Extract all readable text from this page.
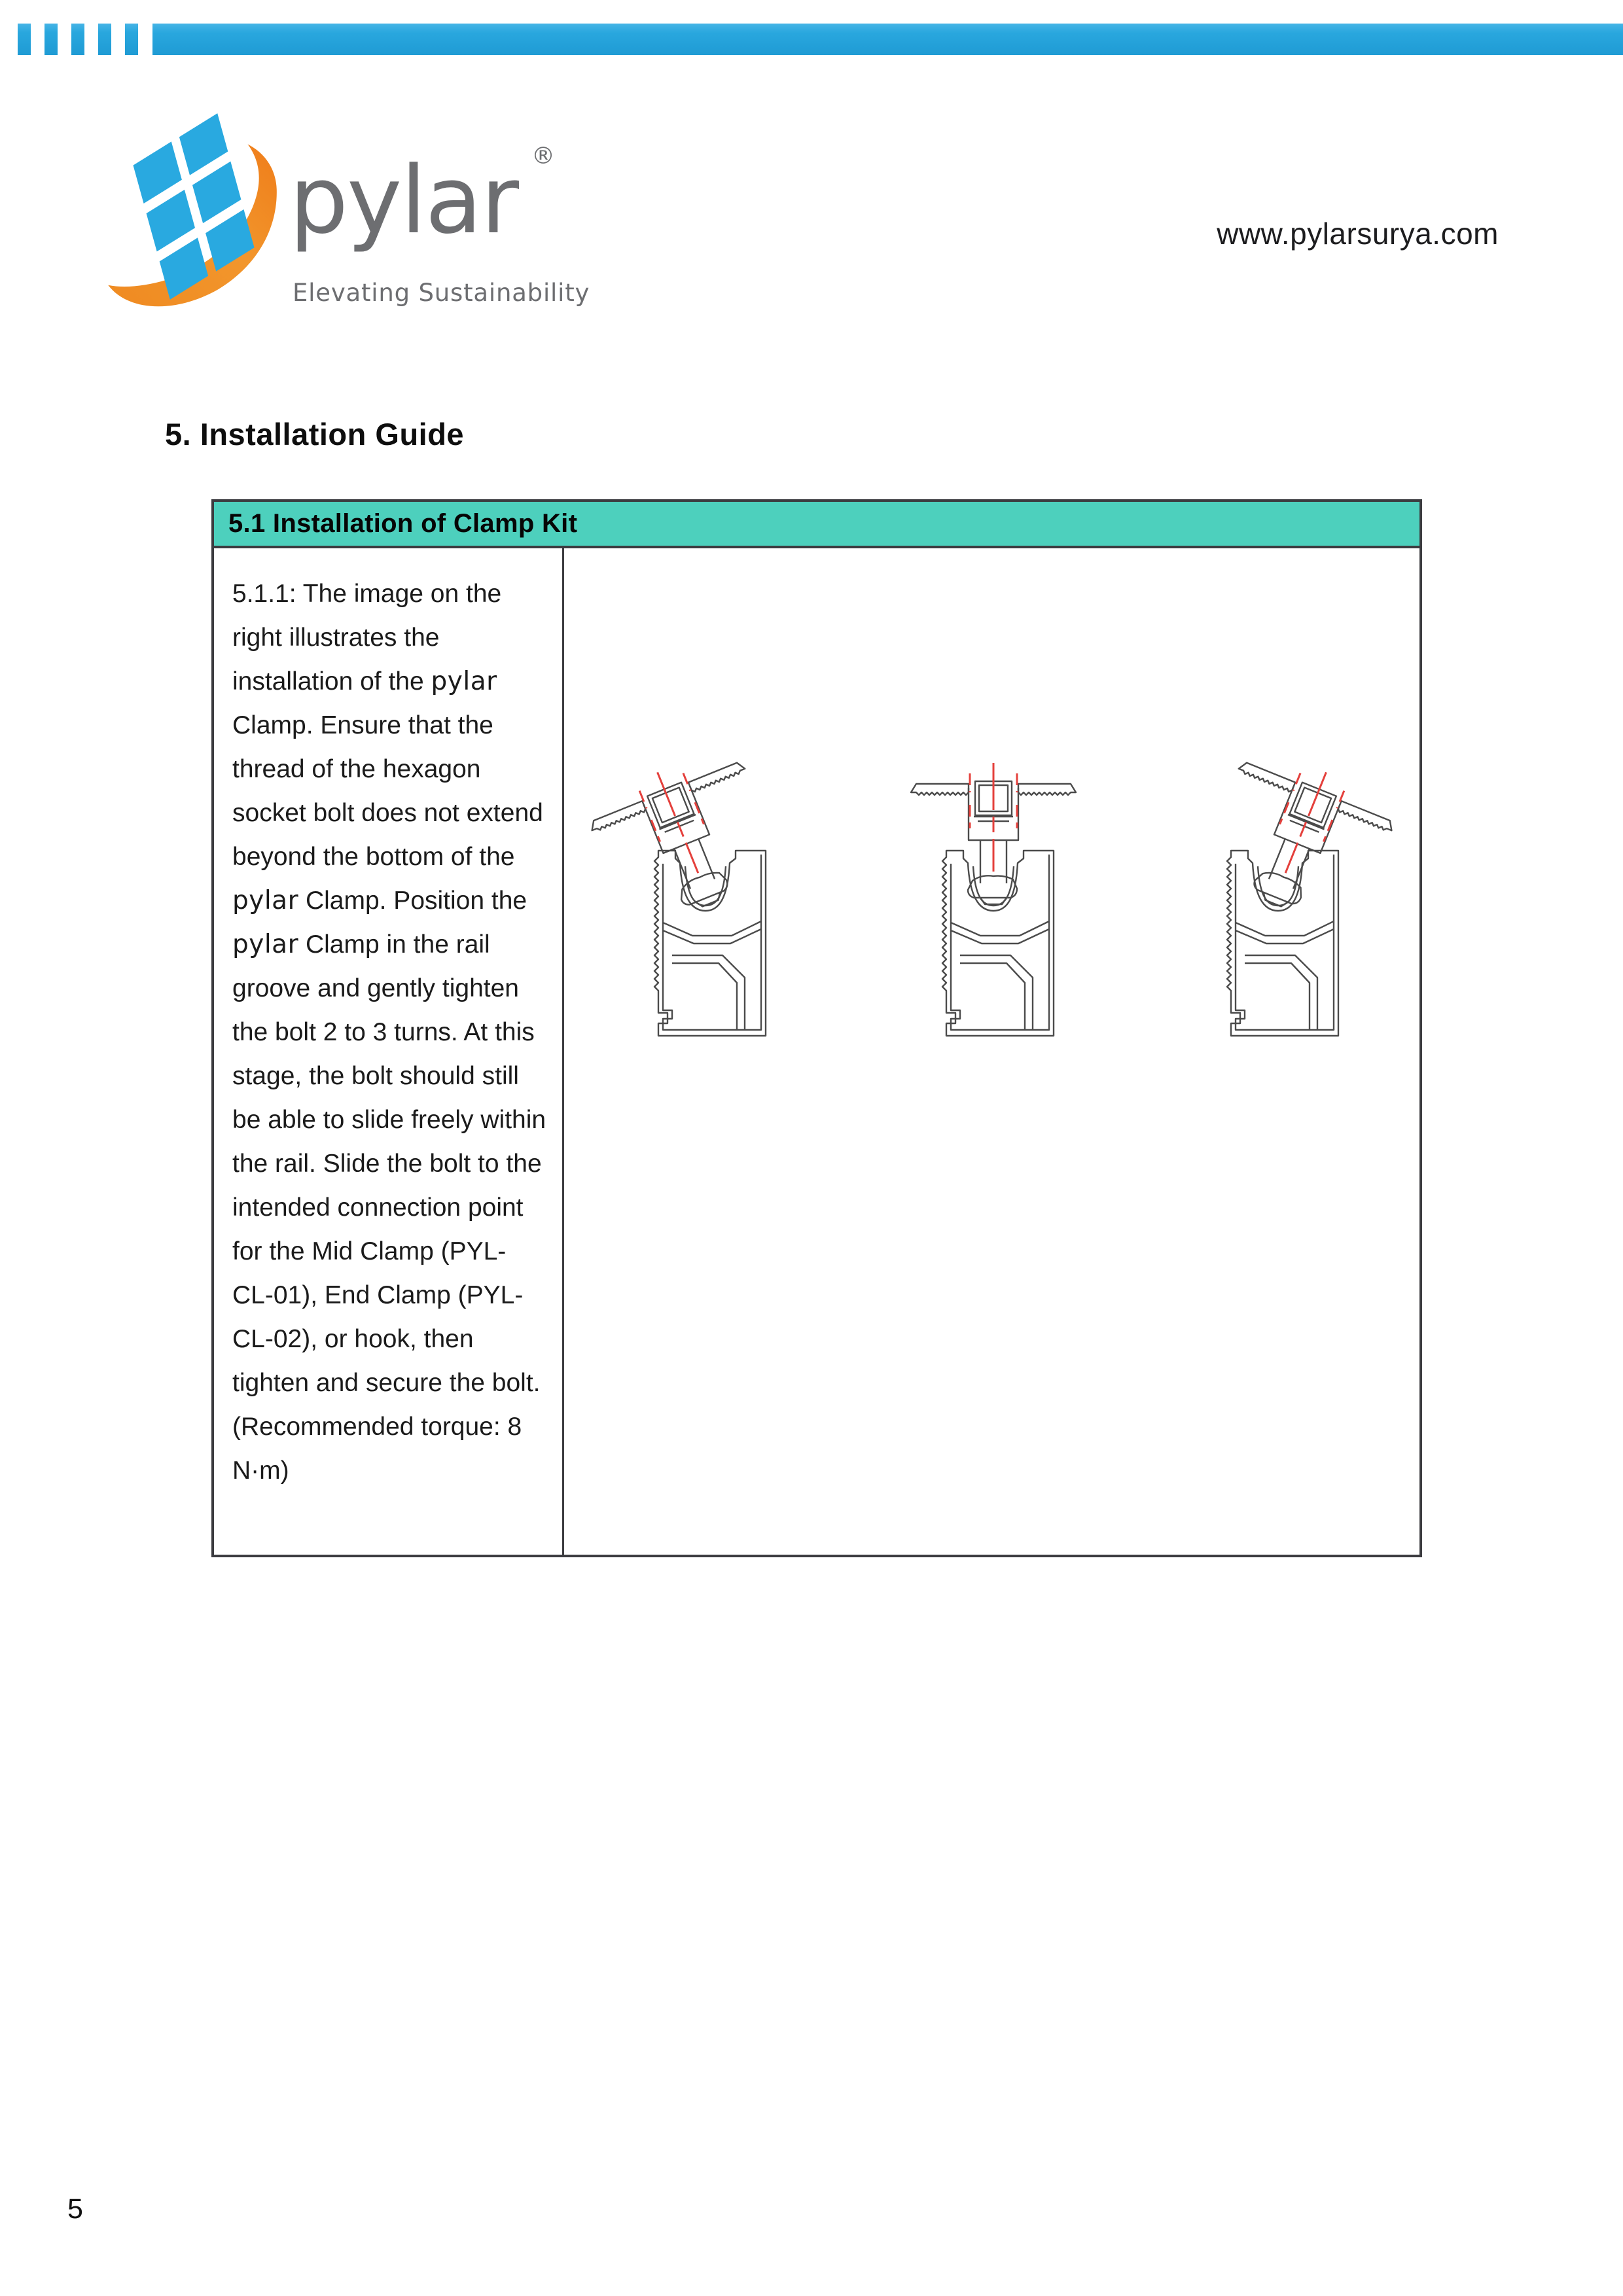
pylar ®
Elevating Sustainability
www.pylarsurya.com
5. Installation Guide
5.1 Installation of Clamp Kit
5.1.1: The image on the right illustrates the installation of the pylar Clamp. Ensure that the thread of the hexagon socket bolt does not extend beyond the bottom of the pylar Clamp. Position the pylar Clamp in the rail groove and gently tighten the bolt 2 to 3 turns. At this stage, the bolt should still be able to slide freely within the rail. Slide the bolt to the intended connection point for the Mid Clamp (PYL-CL-01), End Clamp (PYL-CL-02), or hook, then tighten and secure the bolt. (Recommended torque: 8 N·m)
5
